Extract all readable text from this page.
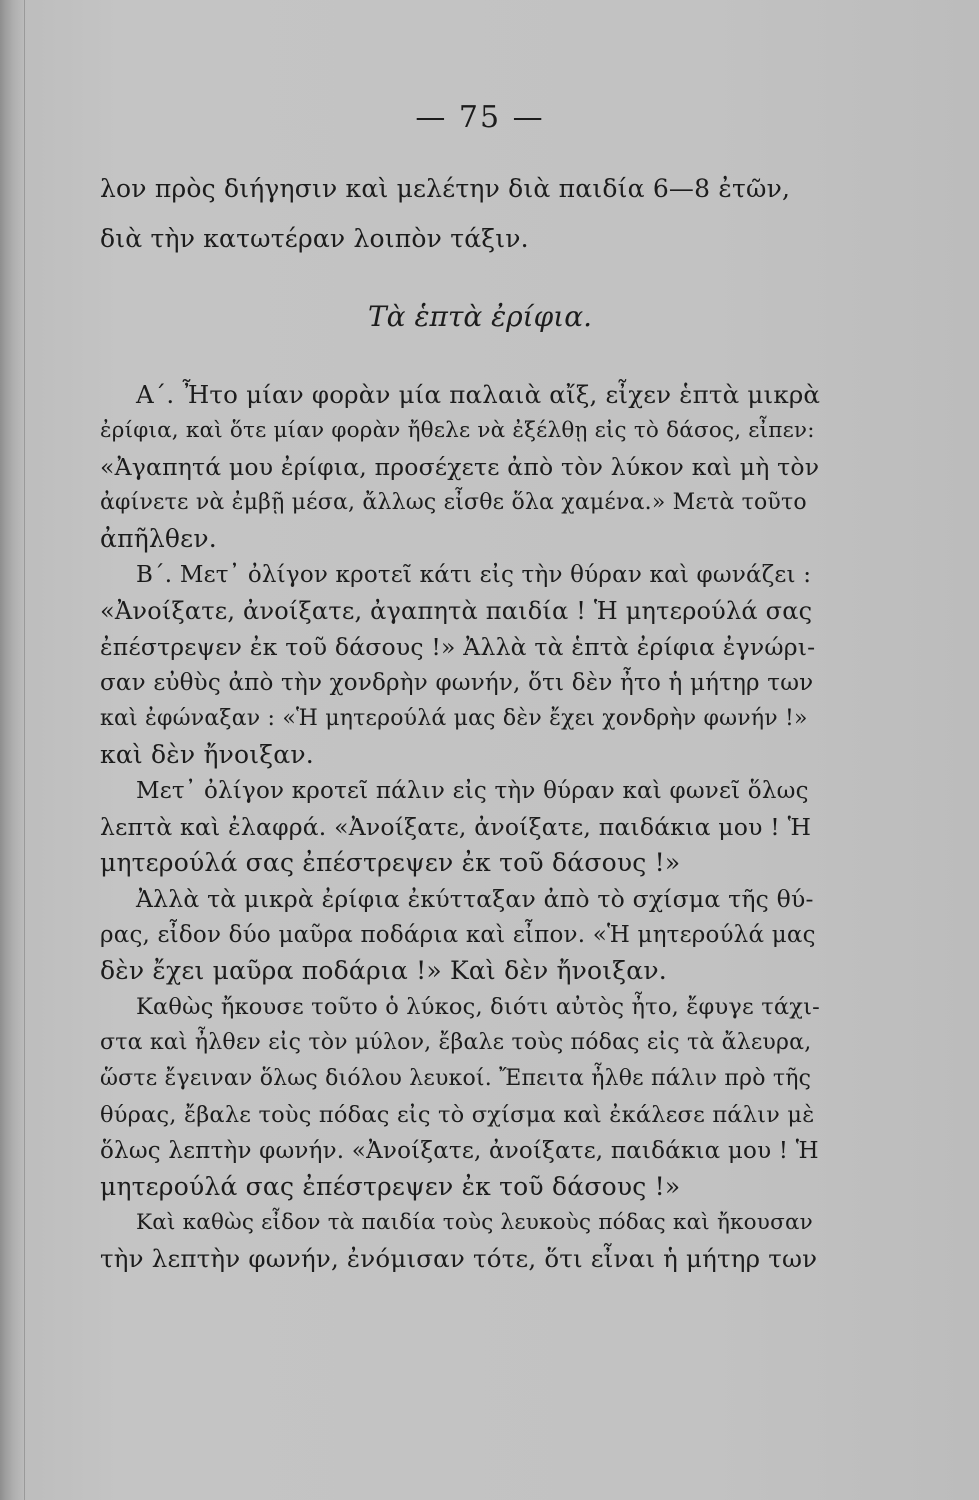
— 75 —
λον πρὸς διήγησιν καὶ μελέτην διὰ παιδία 6—8 ἐτῶν,
διὰ τὴν κατωτέραν λοιπὸν τάξιν.
Τὰ ἑπτὰ ἐρίφια.
Α΄. Ἦτο μίαν φορὰν μία παλαιὰ αἴξ, εἶχεν ἑπτὰ μικρὰ
ἐρίφια, καὶ ὅτε μίαν φορὰν ἤθελε νὰ ἐξέλθῃ εἰς τὸ δάσος, εἶπεν:
«Ἀγαπητά μου ἐρίφια, προσέχετε ἀπὸ τὸν λύκον καὶ μὴ τὸν
ἀφίνετε νὰ ἐμβῇ μέσα, ἄλλως εἶσθε ὅλα χαμένα.» Μετὰ τοῦτο
ἀπῆλθεν.
Β΄. Μετ᾽ ὀλίγον κροτεῖ κάτι εἰς τὴν θύραν καὶ φωνάζει :
«Ἀνοίξατε, ἀνοίξατε, ἀγαπητὰ παιδία ! Ἡ μητερούλά σας
ἐπέστρεψεν ἐκ τοῦ δάσους !» Ἀλλὰ τὰ ἑπτὰ ἐρίφια ἐγνώρι-
σαν εὐθὺς ἀπὸ τὴν χονδρὴν φωνήν, ὅτι δὲν ἦτο ἡ μήτηρ των
καὶ ἐφώναξαν : «Ἡ μητερούλά μας δὲν ἔχει χονδρὴν φωνήν !»
καὶ δὲν ἤνοιξαν.
Μετ᾽ ὀλίγον κροτεῖ πάλιν εἰς τὴν θύραν καὶ φωνεῖ ὅλως
λεπτὰ καὶ ἐλαφρά. «Ἀνοίξατε, ἀνοίξατε, παιδάκια μου ! Ἡ
μητερούλά σας ἐπέστρεψεν ἐκ τοῦ δάσους !»
Ἀλλὰ τὰ μικρὰ ἐρίφια ἐκύτταξαν ἀπὸ τὸ σχίσμα τῆς θύ-
ρας, εἶδον δύο μαῦρα ποδάρια καὶ εἶπον. «Ἡ μητερούλά μας
δὲν ἔχει μαῦρα ποδάρια !» Καὶ δὲν ἤνοιξαν.
Καθὼς ἤκουσε τοῦτο ὁ λύκος, διότι αὐτὸς ἦτο, ἔφυγε τάχι-
στα καὶ ἦλθεν εἰς τὸν μύλον, ἔβαλε τοὺς πόδας εἰς τὰ ἄλευρα,
ὥστε ἔγειναν ὅλως διόλου λευκοί. Ἔπειτα ἦλθε πάλιν πρὸ τῆς
θύρας, ἔβαλε τοὺς πόδας εἰς τὸ σχίσμα καὶ ἐκάλεσε πάλιν μὲ
ὅλως λεπτὴν φωνήν. «Ἀνοίξατε, ἀνοίξατε, παιδάκια μου ! Ἡ
μητερούλά σας ἐπέστρεψεν ἐκ τοῦ δάσους !»
Καὶ καθὼς εἶδον τὰ παιδία τοὺς λευκοὺς πόδας καὶ ἤκουσαν
τὴν λεπτὴν φωνήν, ἐνόμισαν τότε, ὅτι εἶναι ἡ μήτηρ των
